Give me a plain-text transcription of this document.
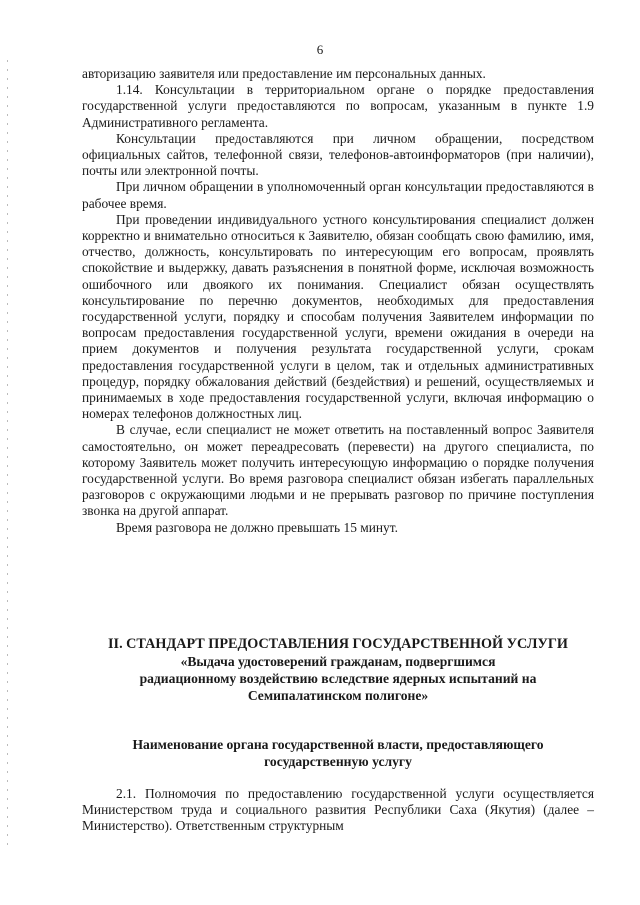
6

авторизацию заявителя или предоставление им персональных данных.

1.14. Консультации в территориальном органе о порядке предоставления государственной услуги предоставляются по вопросам, указанным в пункте 1.9 Административного регламента.

Консультации предоставляются при личном обращении, посредством официальных сайтов, телефонной связи, телефонов-автоинформаторов (при наличии), почты или электронной почты.

При личном обращении в уполномоченный орган консультации предоставляются в рабочее время.

При проведении индивидуального устного консультирования специалист должен корректно и внимательно относиться к Заявителю, обязан сообщать свою фамилию, имя, отчество, должность, консультировать по интересующим его вопросам, проявлять спокойствие и выдержку, давать разъяснения в понятной форме, исключая возможность ошибочного или двоякого их понимания. Специалист обязан осуществлять консультирование по перечню документов, необходимых для предоставления государственной услуги, порядку и способам получения Заявителем информации по вопросам предоставления государственной услуги, времени ожидания в очереди на прием документов и получения результата государственной услуги, срокам предоставления государственной услуги в целом, так и отдельных административных процедур, порядку обжалования действий (бездействия) и решений, осуществляемых и принимаемых в ходе предоставления государственной услуги, включая информацию о номерах телефонов должностных лиц.

В случае, если специалист не может ответить на поставленный вопрос Заявителя самостоятельно, он может переадресовать (перевести) на другого специалиста, по которому Заявитель может получить интересующую информацию о порядке получения государственной услуги. Во время разговора специалист обязан избегать параллельных разговоров с окружающими людьми и не прерывать разговор по причине поступления звонка на другой аппарат.

Время разговора не должно превышать 15 минут.

II. СТАНДАРТ ПРЕДОСТАВЛЕНИЯ ГОСУДАРСТВЕННОЙ УСЛУГИ

«Выдача удостоверений гражданам, подвергшимся

радиационному воздействию вследствие ядерных испытаний на

Семипалатинском полигоне»

Наименование органа государственной власти, предоставляющего

государственную услугу

2.1. Полномочия по предоставлению государственной услуги осуществляется Министерством труда и социального развития Республики Саха (Якутия) (далее – Министерство). Ответственным структурным
